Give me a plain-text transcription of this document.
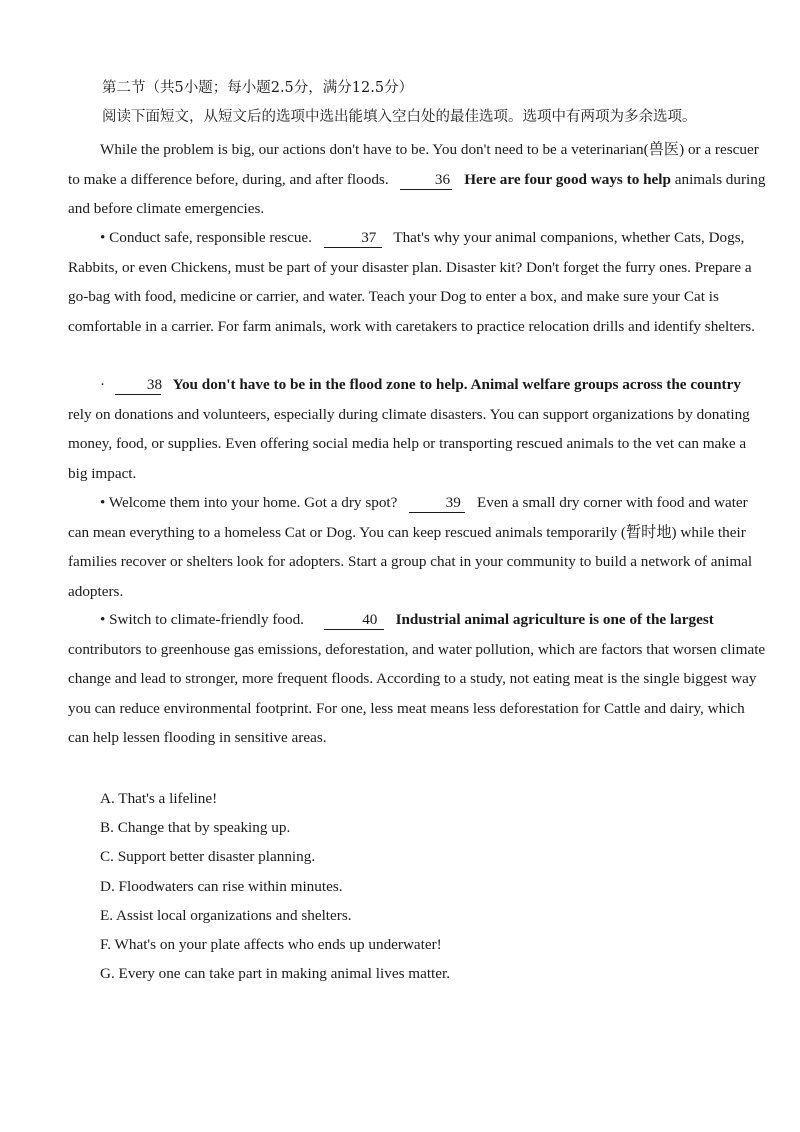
第二节（共5小题；每小题2.5分，满分12.5分）
阅读下面短文，从短文后的选项中选出能填入空白处的最佳选项。选项中有两项为多余选项。

While the problem is big, our actions don't have to be. You don't need to be a veterinarian(兽医) or a rescuer to make a difference before, during, and after floods.	36 Here are four good ways to help animals during and before climate emergencies.

• Conduct safe, responsible rescue.	37 That's why your animal companions, whether Cats, Dogs, Rabbits, or even Chickens, must be part of your disaster plan. Disaster kit? Don't forget the furry ones. Prepare a go-bag with food, medicine or carrier, and water. Teach your Dog to enter a box, and make sure your Cat is comfortable in a carrier. For farm animals, work with caretakers to practice relocation drills and identify shelters.

·	38 You don't have to be in the flood zone to help. Animal welfare groups across the country rely on donations and volunteers, especially during climate disasters. You can support organizations by donating money, food, or supplies. Even offering social media help or transporting rescued animals to the vet can make a big impact.

• Welcome them into your home. Got a dry spot?	39 Even a small dry corner with food and water can mean everything to a homeless Cat or Dog. You can keep rescued animals temporarily (暂时地) while their families recover or shelters look for adopters. Start a group chat in your community to build a network of animal adopters.

• Switch to climate-friendly food.	40 Industrial animal agriculture is one of the largest contributors to greenhouse gas emissions, deforestation, and water pollution, which are factors that worsen climate change and lead to stronger, more frequent floods. According to a study, not eating meat is the single biggest way you can reduce environmental footprint. For one, less meat means less deforestation for Cattle and dairy, which can help lessen flooding in sensitive areas.

A. That's a lifeline!
B. Change that by speaking up.
C. Support better disaster planning.
D. Floodwaters can rise within minutes.
E. Assist local organizations and shelters.
F. What's on your plate affects who ends up underwater!
G. Every one can take part in making animal lives matter.
